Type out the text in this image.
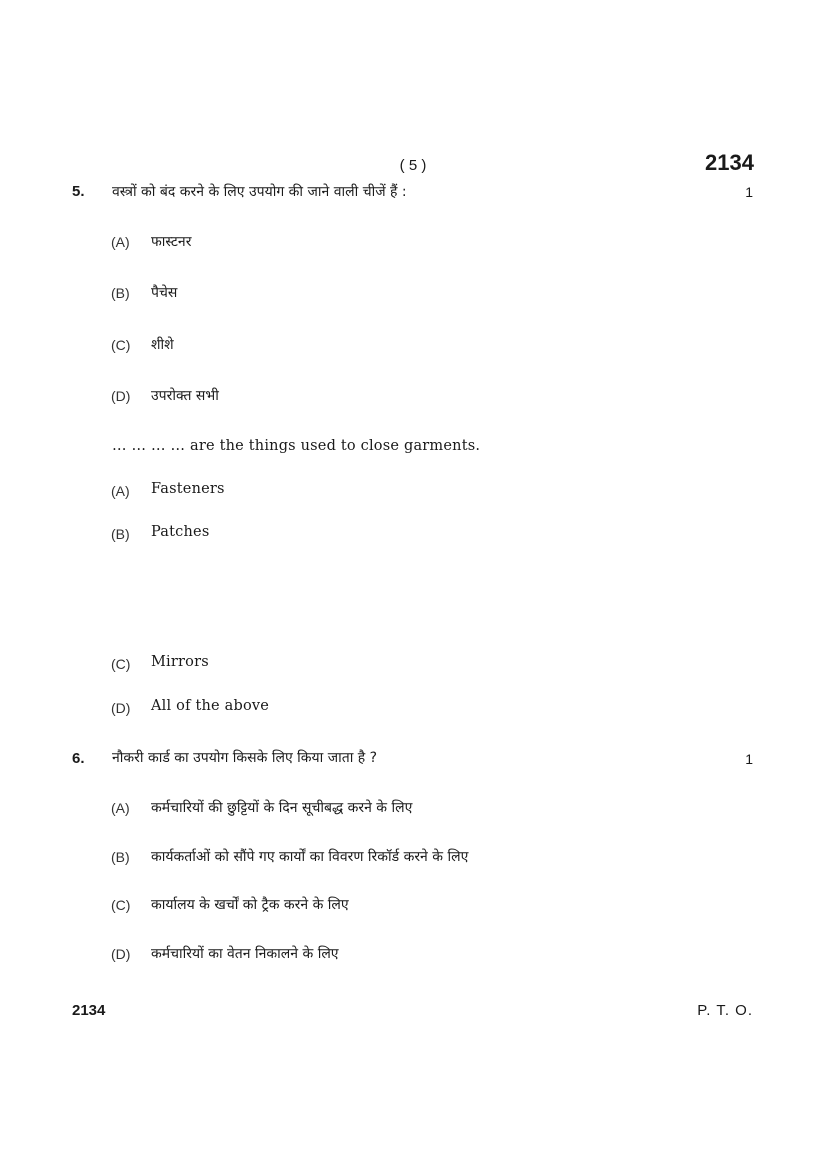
( 5 )	2134
5. वस्त्रों को बंद करने के लिए उपयोग की जाने वाली चीजें हैं :	1
(A) फास्टनर
(B) पैचेस
(C) शीशे
(D) उपरोक्त सभी
… … … … are the things used to close garments.
(A) Fasteners
(B) Patches
(C) Mirrors
(D) All of the above
6. नौकरी कार्ड का उपयोग किसके लिए किया जाता है ?	1
(A) कर्मचारियों की छुट्टियों के दिन सूचीबद्ध करने के लिए
(B) कार्यकर्ताओं को सौंपे गए कार्यों का विवरण रिकॉर्ड करने के लिए
(C) कार्यालय के खर्चों को ट्रैक करने के लिए
(D) कर्मचारियों का वेतन निकालने के लिए
2134	P. T. O.
